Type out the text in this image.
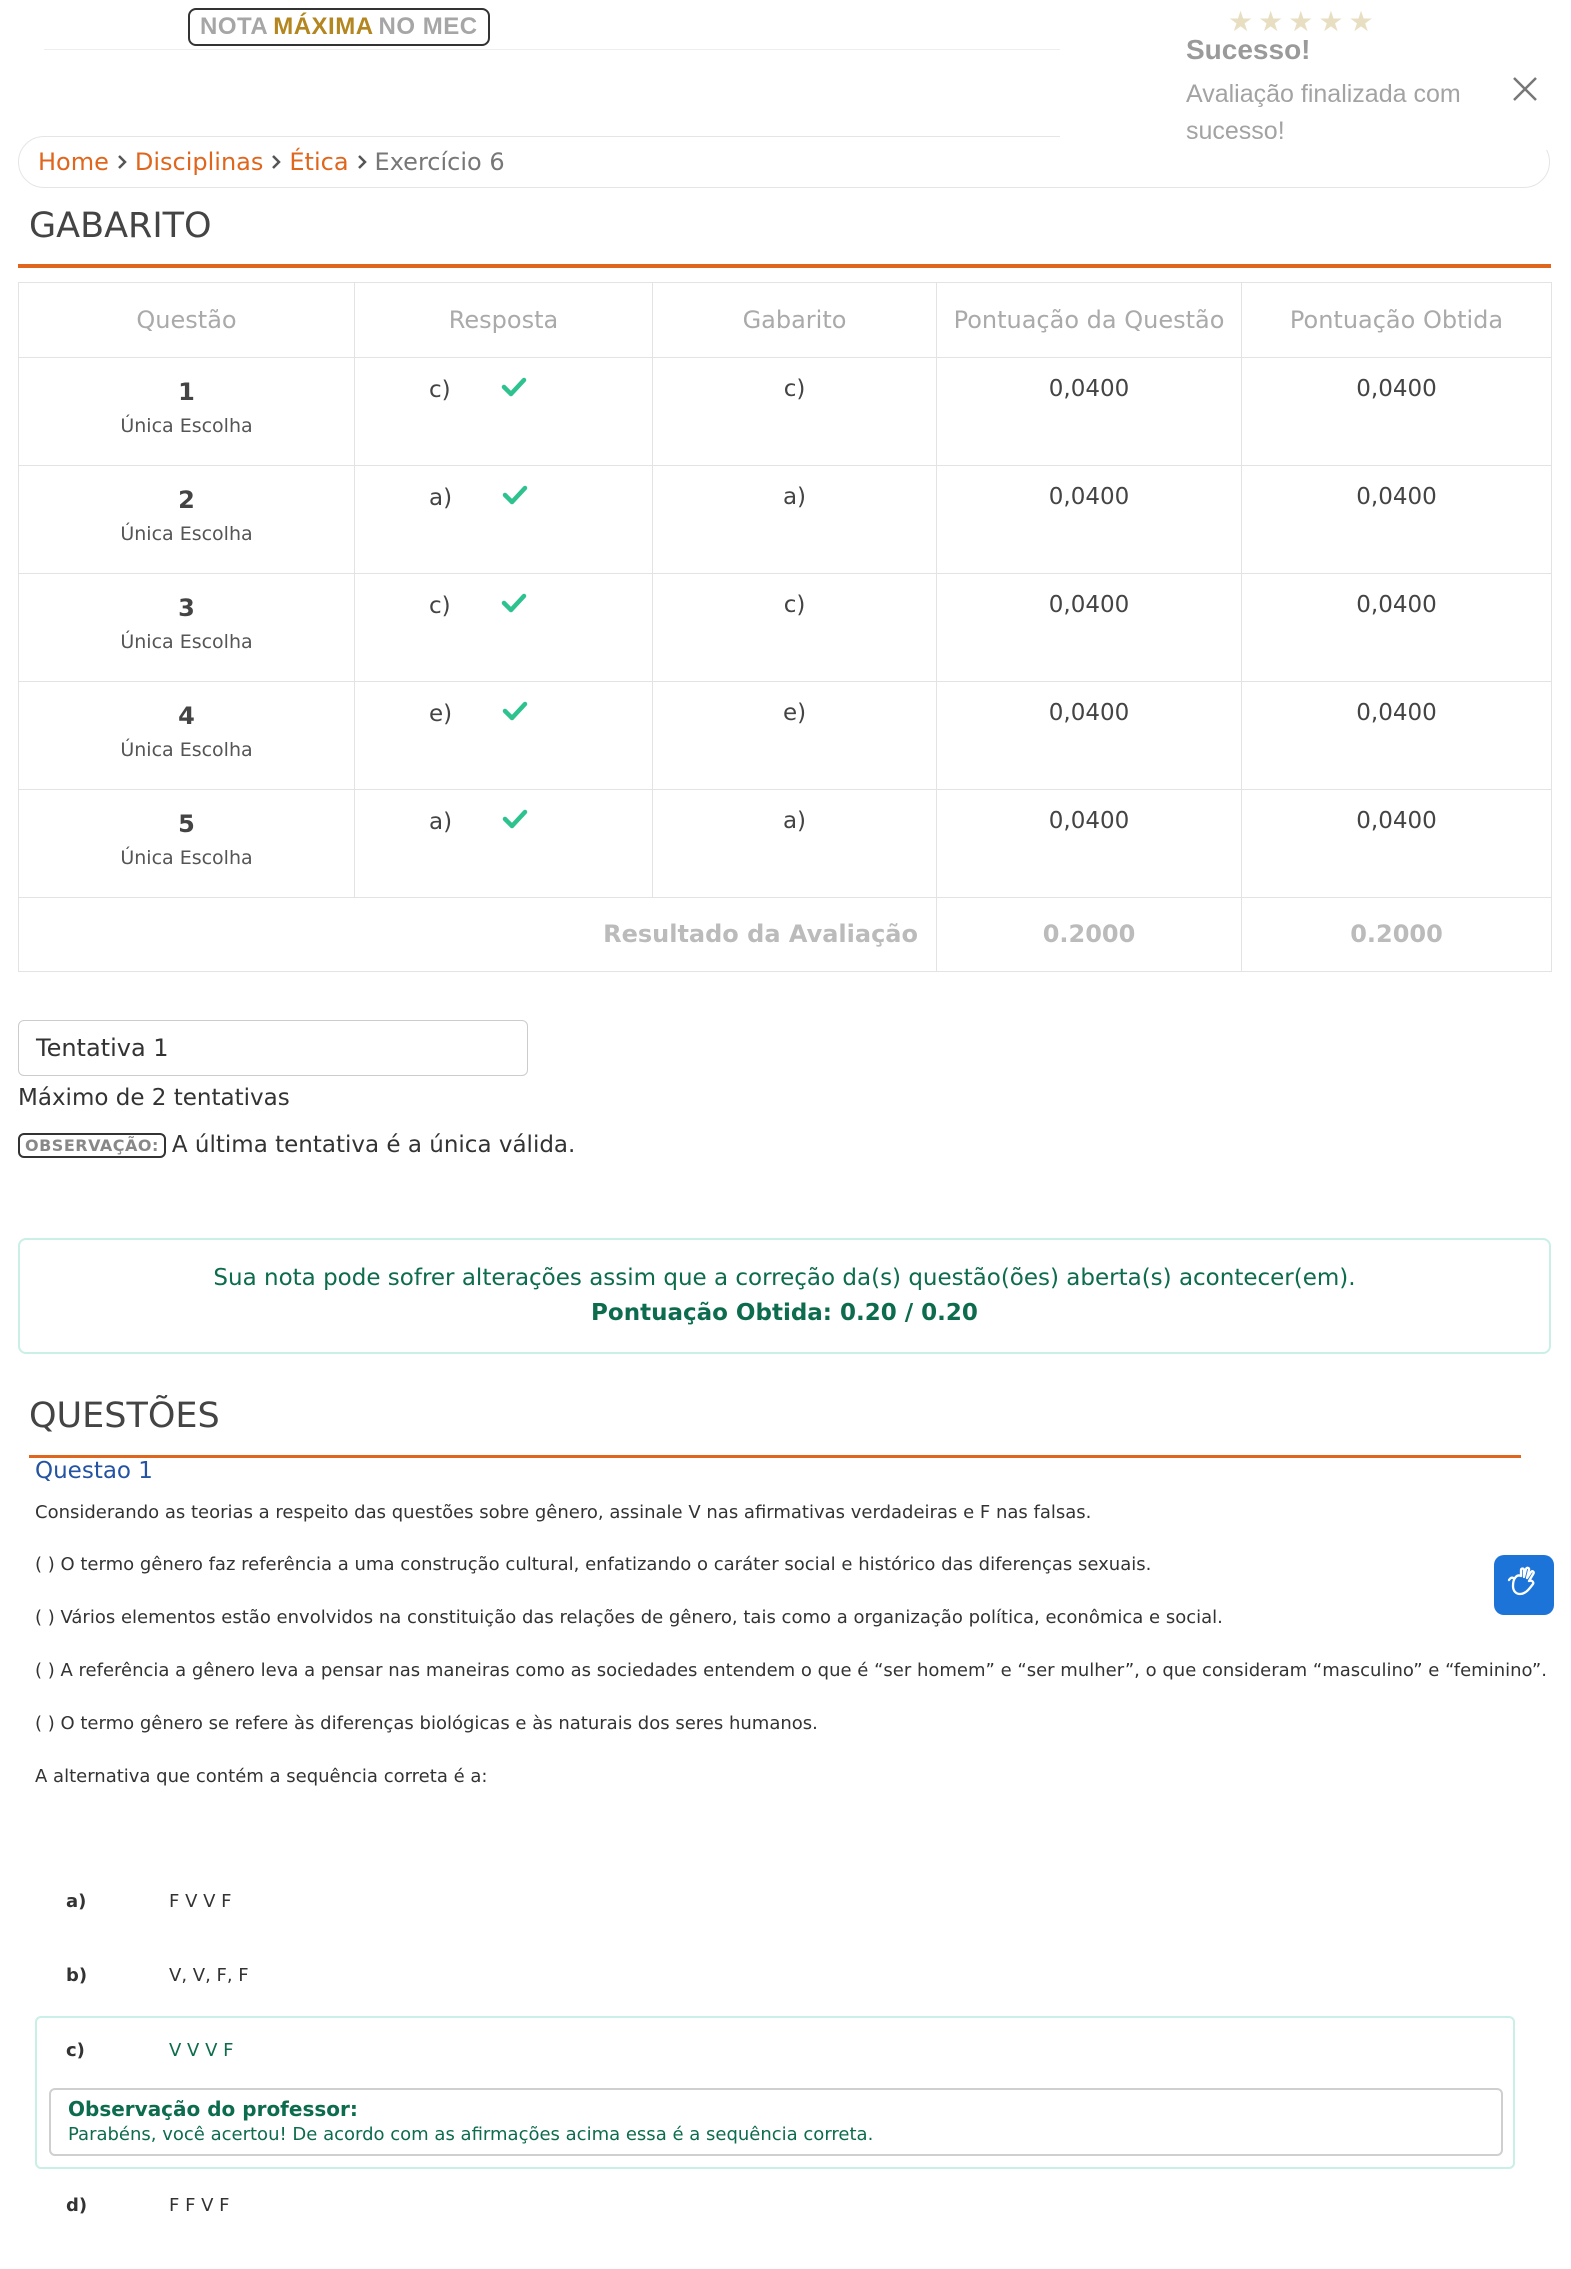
NOTA MÁXIMA NO MEC
Home Disciplinas Ética Exercício 6
★ ★ ★ ★ ★
Sucesso!
Avaliação finalizada com sucesso!
GABARITO
Questão	Resposta	Gabarito	Pontuação da Questão	Pontuação Obtida

1
Única Escolha	c)	c)	0,0400	0,0400

2
Única Escolha	a)	a)	0,0400	0,0400

3
Única Escolha	c)	c)	0,0400	0,0400

4
Única Escolha	e)	e)	0,0400	0,0400

5
Única Escolha	a)	a)	0,0400	0,0400
	Resultado da Avaliação		0.2000	0.2000
Tentativa 1
Máximo de 2 tentativas
OBSERVAÇÃO: A última tentativa é a única válida.
Sua nota pode sofrer alterações assim que a correção da(s) questão(ões) aberta(s) acontecer(em).
Pontuação Obtida: 0.20 / 0.20
QUESTÕES
Questao 1
Considerando as teorias a respeito das questões sobre gênero, assinale V nas afirmativas verdadeiras e F nas falsas.
( ) O termo gênero faz referência a uma construção cultural, enfatizando o caráter social e histórico das diferenças sexuais.
( ) Vários elementos estão envolvidos na constituição das relações de gênero, tais como a organização política, econômica e social.
( ) A referência a gênero leva a pensar nas maneiras como as sociedades entendem o que é “ser homem” e “ser mulher”, o que consideram “masculino” e “feminino”.
( ) O termo gênero se refere às diferenças biológicas e às naturais dos seres humanos.
A alternativa que contém a sequência correta é a:
a)	F V V F
b)	V, V, F, F
c)	V V V F
Observação do professor:
Parabéns, você acertou! De acordo com as afirmações acima essa é a sequência correta.
d)	F F V F
